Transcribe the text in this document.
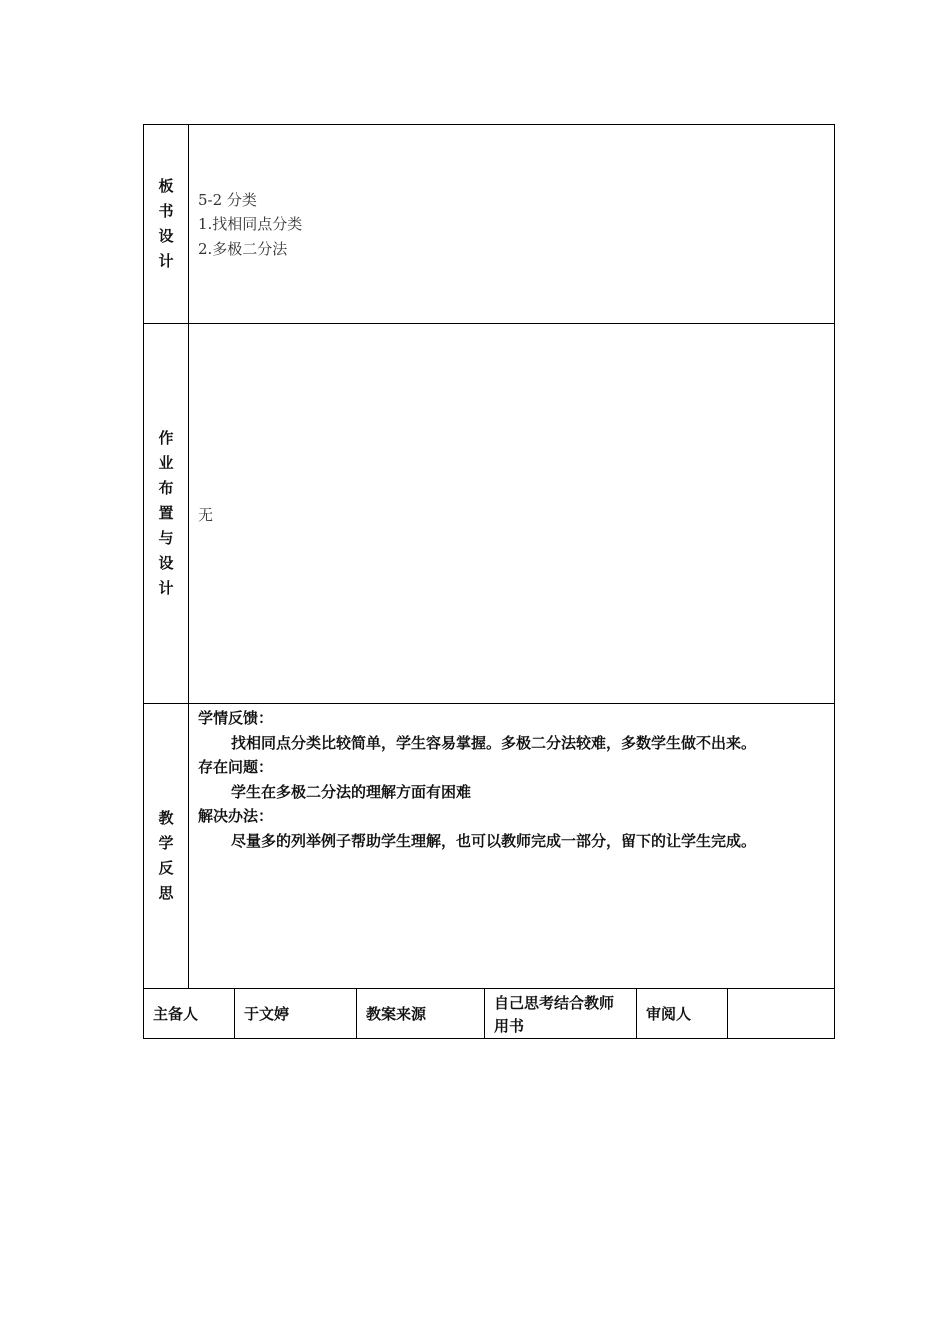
板
书
设
计
5-2 分类
1.找相同点分类
2.多极二分法
作
业
布
置
与
设
计
无
教
学
反
思
学情反馈：
找相同点分类比较简单，学生容易掌握。多极二分法较难，多数学生做不出来。
存在问题：
学生在多极二分法的理解方面有困难
解决办法：
尽量多的列举例子帮助学生理解，也可以教师完成一部分，留下的让学生完成。
主备人	于文婷	教案来源
自己思考结合教师
用书
审阅人
